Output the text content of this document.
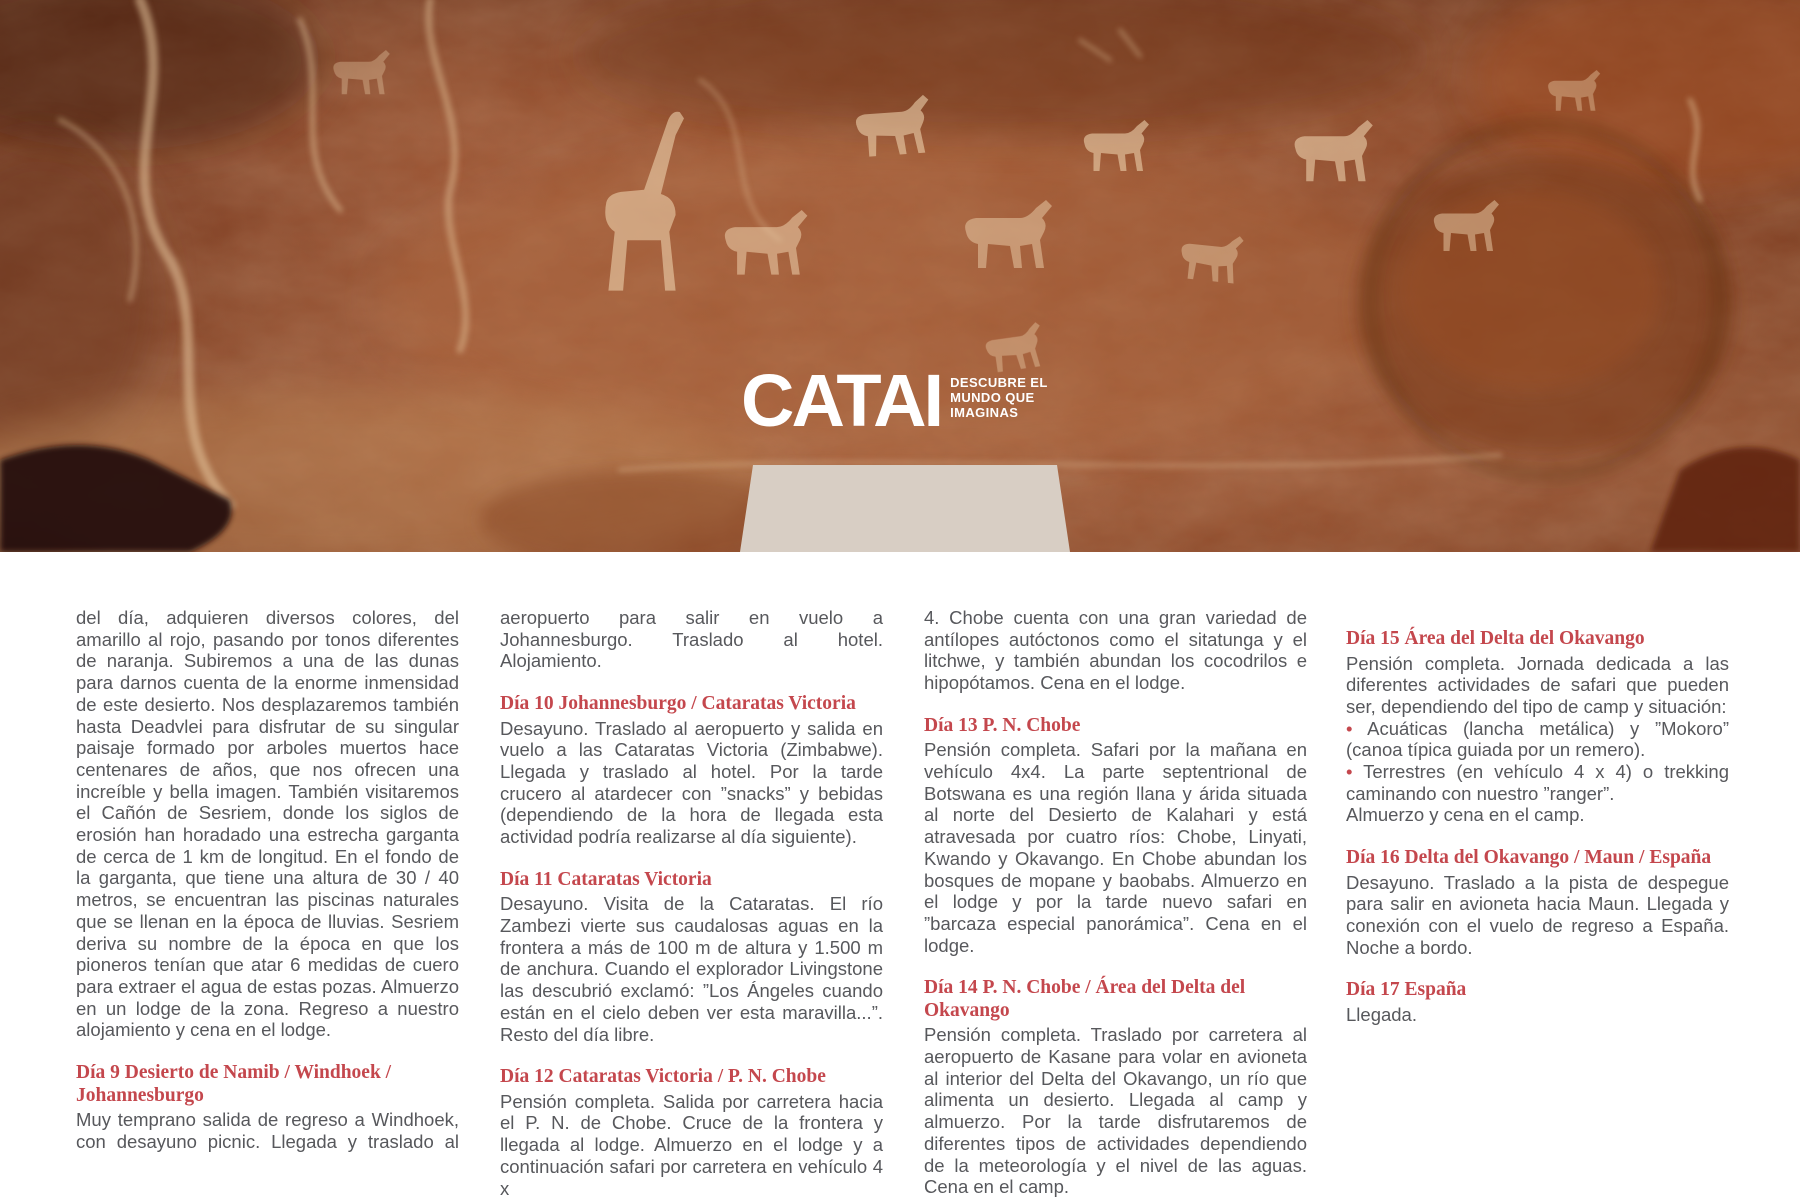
CATAI DESCUBRE EL
MUNDO QUE
IMAGINAS

del día, adquieren diversos colores, del amarillo al rojo, pasando por tonos diferentes de naranja. Subiremos a una de las dunas para darnos cuenta de la enorme inmensidad de este desierto. Nos desplazaremos también hasta Deadvlei para disfrutar de su singular paisaje formado por arboles muertos hace centenares de años, que nos ofrecen una increíble y bella imagen. También visitaremos el Cañón de Sesriem, donde los siglos de erosión han horadado una estrecha garganta de cerca de 1 km de longitud. En el fondo de la garganta, que tiene una altura de 30 / 40 metros, se encuentran las piscinas naturales que se llenan en la época de lluvias. Sesriem deriva su nombre de la época en que los pioneros tenían que atar 6 medidas de cuero para extraer el agua de estas pozas. Almuerzo en un lodge de la zona. Regreso a nuestro alojamiento y cena en el lodge.

Día 9 Desierto de Namib / Windhoek / Johannesburgo

Muy temprano salida de regreso a Windhoek, con desayuno picnic. Llegada y traslado al

aeropuerto para salir en vuelo a Johannesburgo. Traslado al hotel. Alojamiento.

Día 10 Johannesburgo / Cataratas Victoria

Desayuno. Traslado al aeropuerto y salida en vuelo a las Cataratas Victoria (Zimbabwe). Llegada y traslado al hotel. Por la tarde crucero al atardecer con ”snacks” y bebidas (dependiendo de la hora de llegada esta actividad podría realizarse al día siguiente).

Día 11 Cataratas Victoria

Desayuno. Visita de la Cataratas. El río Zambezi vierte sus caudalosas aguas en la frontera a más de 100 m de altura y 1.500 m de anchura. Cuando el explorador Livingstone las descubrió exclamó: ”Los Ángeles cuando están en el cielo deben ver esta maravilla...”. Resto del día libre.

Día 12 Cataratas Victoria / P. N. Chobe

Pensión completa. Salida por carretera hacia el P. N. de Chobe. Cruce de la frontera y llegada al lodge. Almuerzo en el lodge y a continuación safari por carretera en vehículo 4 x

4. Chobe cuenta con una gran variedad de antílopes autóctonos como el sitatunga y el litchwe, y también abundan los cocodrilos e hipopótamos. Cena en el lodge.

Día 13 P. N. Chobe

Pensión completa. Safari por la mañana en vehículo 4x4. La parte septentrional de Botswana es una región llana y árida situada al norte del Desierto de Kalahari y está atravesada por cuatro ríos: Chobe, Linyati, Kwando y Okavango. En Chobe abundan los bosques de mopane y baobabs. Almuerzo en el lodge y por la tarde nuevo safari en ”barcaza especial panorámica”. Cena en el lodge.

Día 14 P. N. Chobe / Área del Delta del Okavango

Pensión completa. Traslado por carretera al aeropuerto de Kasane para volar en avioneta al interior del Delta del Okavango, un río que alimenta un desierto. Llegada al camp y almuerzo. Por la tarde disfrutaremos de diferentes tipos de actividades dependiendo de la meteorología y el nivel de las aguas. Cena en el camp.

Día 15 Área del Delta del Okavango

Pensión completa. Jornada dedicada a las diferentes actividades de safari que pueden ser, dependiendo del tipo de camp y situación:

• Acuáticas (lancha metálica) y ”Mokoro” (canoa típica guiada por un remero).

• Terrestres (en vehículo 4 x 4) o trekking caminando con nuestro ”ranger”.

Almuerzo y cena en el camp.

Día 16 Delta del Okavango / Maun / España

Desayuno. Traslado a la pista de despegue para salir en avioneta hacia Maun. Llegada y conexión con el vuelo de regreso a España. Noche a bordo.

Día 17 España

Llegada.
